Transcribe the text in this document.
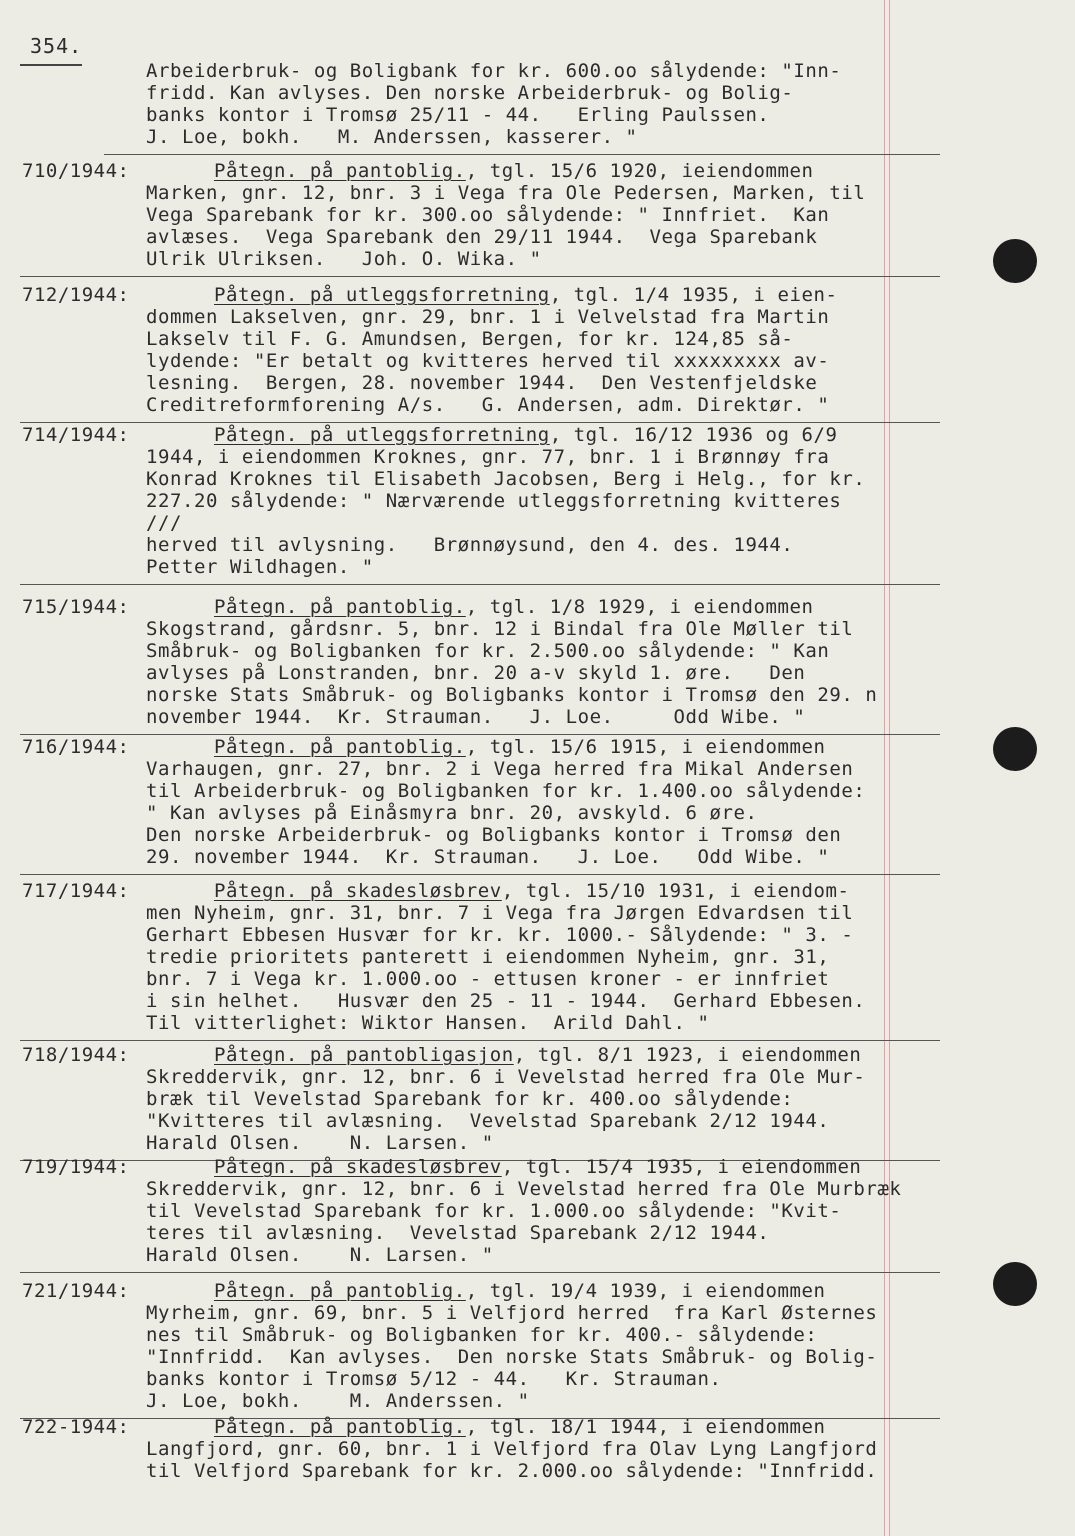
354.
Arbeiderbruk- og Boligbank for kr. 600.oo sålydende: "Inn-
fridd. Kan avlyses. Den norske Arbeiderbruk- og Bolig-
banks kontor i Tromsø 25/11 - 44.   Erling Paulssen.
J. Loe, bokh.   M. Anderssen, kasserer. "
710/1944:	Påtegn. på pantoblig., tgl. 15/6 1920, ieiendommen
Marken, gnr. 12, bnr. 3 i Vega fra Ole Pedersen, Marken, til
Vega Sparebank for kr. 300.oo sålydende: " Innfriet.  Kan
avlæses.  Vega Sparebank den 29/11 1944.  Vega Sparebank
Ulrik Ulriksen.   Joh. O. Wika. "
712/1944:	Påtegn. på utleggsforretning, tgl. 1/4 1935, i eien-
dommen Lakselven, gnr. 29, bnr. 1 i Velvelstad fra Martin
Lakselv til F. G. Amundsen, Bergen, for kr. 124,85 så-
lydende: "Er betalt og kvitteres herved til xxxxxxxxx av-
lesning.  Bergen, 28. november 1944.  Den Vestenfjeldske
Creditreformforening A/s.   G. Andersen, adm. Direktør. "
714/1944:	Påtegn. på utleggsforretning, tgl. 16/12 1936 og 6/9
1944, i eiendommen Kroknes, gnr. 77, bnr. 1 i Brønnøy fra
Konrad Kroknes til Elisabeth Jacobsen, Berg i Helg., for kr.
227.20 sålydende: " Nærværende utleggsforretning kvitteres
///
herved til avlysning.   Brønnøysund, den 4. des. 1944.
Petter Wildhagen. "
715/1944:	Påtegn. på pantoblig., tgl. 1/8 1929, i eiendommen
Skogstrand, gårdsnr. 5, bnr. 12 i Bindal fra Ole Møller til
Småbruk- og Boligbanken for kr. 2.500.oo sålydende: " Kan
avlyses på Lonstranden, bnr. 20 a-v skyld 1. øre.   Den
norske Stats Småbruk- og Boligbanks kontor i Tromsø den 29. n
november 1944.  Kr. Strauman.   J. Loe.     Odd Wibe. "
716/1944:	Påtegn. på pantoblig., tgl. 15/6 1915, i eiendommen
Varhaugen, gnr. 27, bnr. 2 i Vega herred fra Mikal Andersen
til Arbeiderbruk- og Boligbanken for kr. 1.400.oo sålydende:
" Kan avlyses på Einåsmyra bnr. 20, avskyld. 6 øre.
Den norske Arbeiderbruk- og Boligbanks kontor i Tromsø den
29. november 1944.  Kr. Strauman.   J. Loe.   Odd Wibe. "
717/1944:	Påtegn. på skadesløsbrev, tgl. 15/10 1931, i eiendom-
men Nyheim, gnr. 31, bnr. 7 i Vega fra Jørgen Edvardsen til
Gerhart Ebbesen Husvær for kr. kr. 1000.- Sålydende: " 3. -
tredie prioritets panterett i eiendommen Nyheim, gnr. 31,
bnr. 7 i Vega kr. 1.000.oo - ettusen kroner - er innfriet
i sin helhet.   Husvær den 25 - 11 - 1944.  Gerhard Ebbesen.
Til vitterlighet: Wiktor Hansen.  Arild Dahl. "
718/1944:	Påtegn. på pantobligasjon, tgl. 8/1 1923, i eiendommen
Skreddervik, gnr. 12, bnr. 6 i Vevelstad herred fra Ole Mur-
bræk til Vevelstad Sparebank for kr. 400.oo sålydende:
"Kvitteres til avlæsning.  Vevelstad Sparebank 2/12 1944.
Harald Olsen.    N. Larsen. "
719/1944:	Påtegn. på skadesløsbrev, tgl. 15/4 1935, i eiendommen
Skreddervik, gnr. 12, bnr. 6 i Vevelstad herred fra Ole Murbræk
til Vevelstad Sparebank for kr. 1.000.oo sålydende: "Kvit-
teres til avlæsning.  Vevelstad Sparebank 2/12 1944.
Harald Olsen.    N. Larsen. "
721/1944:	Påtegn. på pantoblig., tgl. 19/4 1939, i eiendommen
Myrheim, gnr. 69, bnr. 5 i Velfjord herred  fra Karl Østernes
nes til Småbruk- og Boligbanken for kr. 400.- sålydende:
"Innfridd.  Kan avlyses.  Den norske Stats Småbruk- og Bolig-
banks kontor i Tromsø 5/12 - 44.   Kr. Strauman.
J. Loe, bokh.    M. Anderssen. "
722-1944:	Påtegn. på pantoblig., tgl. 18/1 1944, i eiendommen
Langfjord, gnr. 60, bnr. 1 i Velfjord fra Olav Lyng Langfjord
til Velfjord Sparebank for kr. 2.000.oo sålydende: "Innfridd.
